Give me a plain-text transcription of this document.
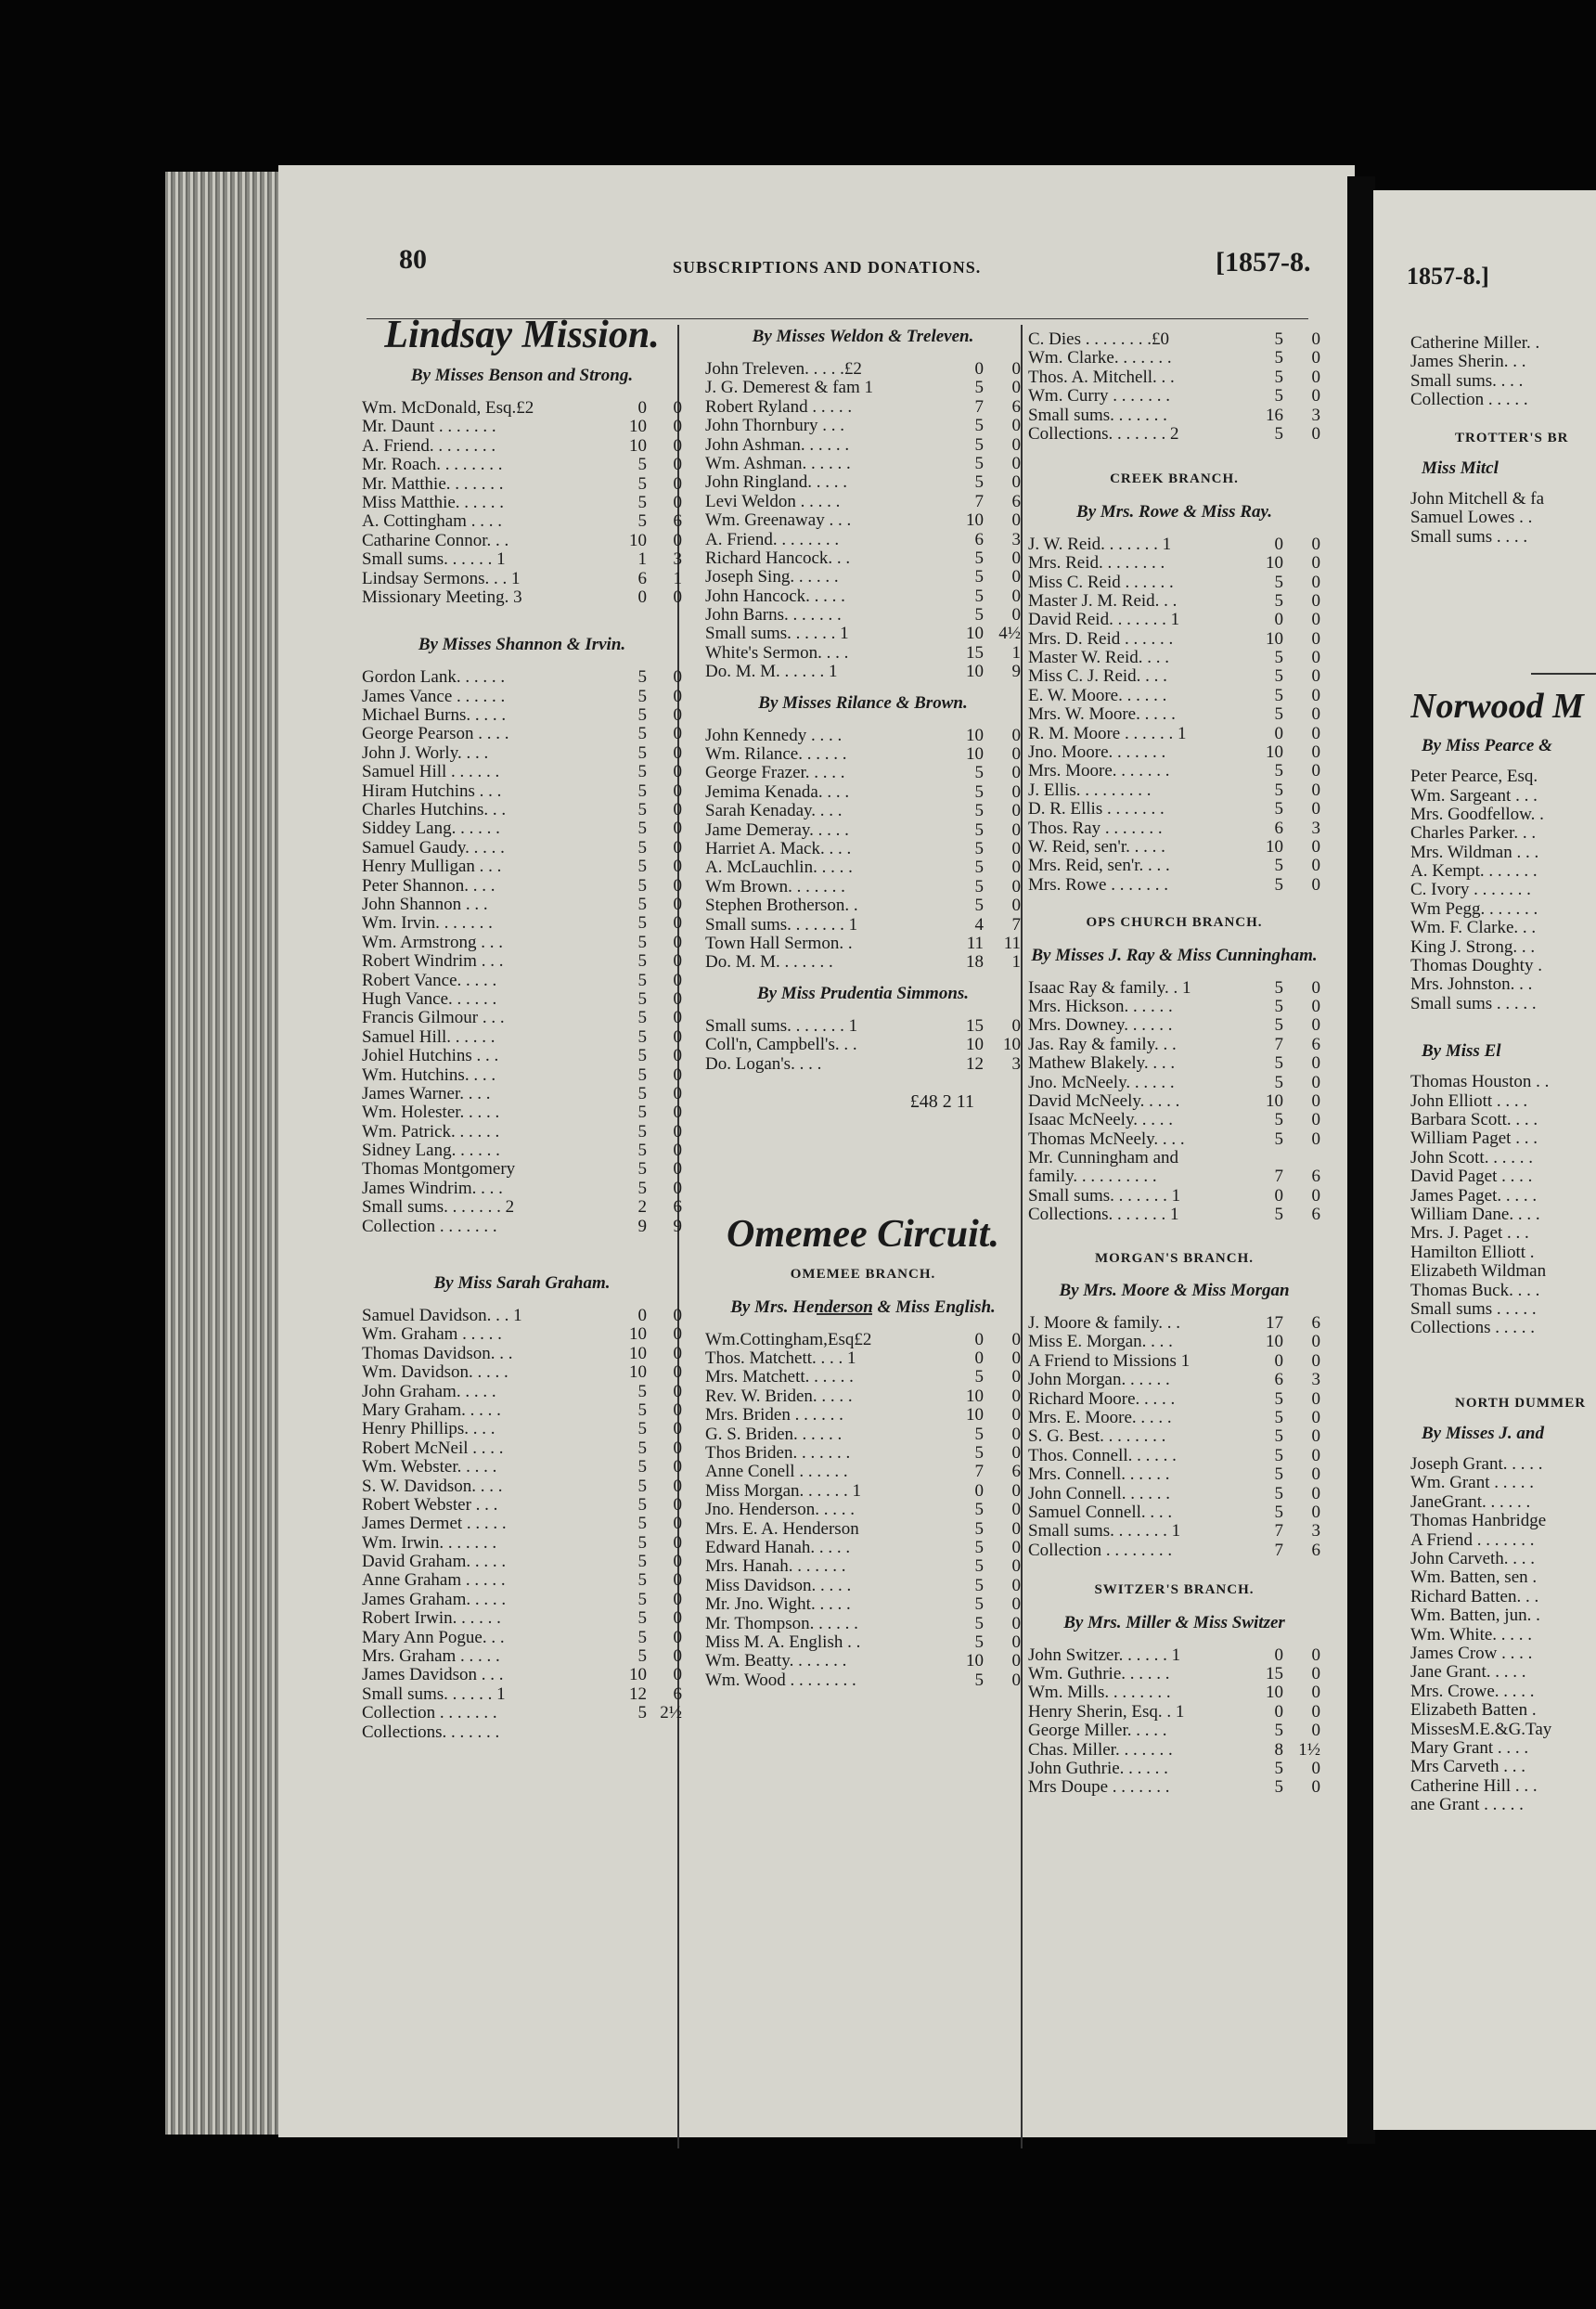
80	SUBSCRIPTIONS AND DONATIONS.	[1857-8.	1857-8.]
Lindsay Mission.
By Misses Benson and Strong.
Wm. McDonald, Esq.£2	0	0
Mr. Daunt . . . . . . .	10	0
A. Friend. . . . . . . .	10	0
Mr. Roach. . . . . . . .	5	0
Mr. Matthie. . . . . . .	5	0
Miss Matthie. . . . . .	5	0
A. Cottingham . . . .	5	6
Catharine Connor. . .	10	0
Small sums. . . . . . 1	1	3
Lindsay Sermons. . . 1	6	1
Missionary Meeting. 3	0	0
By Misses Shannon & Irvin.
Gordon Lank. . . . . .	5	0
James Vance . . . . . .	5	0
Michael Burns. . . . .	5	0
George Pearson . . . .	5	0
John J. Worly. . . .	5	0
Samuel Hill . . . . . .	5	0
Hiram Hutchins . . .	5	0
Charles Hutchins. . .	5	0
Siddey Lang. . . . . .	5	0
Samuel Gaudy. . . . .	5	0
Henry Mulligan . . .	5	0
Peter Shannon. . . .	5	0
John Shannon . . .	5	0
Wm. Irvin. . . . . . .	5	0
Wm. Armstrong . . .	5	0
Robert Windrim . . .	5	0
Robert Vance. . . . .	5	0
Hugh Vance. . . . . .	5	0
Francis Gilmour . . .	5	0
Samuel Hill. . . . . .	5	0
Johiel Hutchins . . .	5	0
Wm. Hutchins. . . .	5	0
James Warner. . . .	5	0
Wm. Holester. . . . .	5	0
Wm. Patrick. . . . . .	5	0
Sidney Lang. . . . . .	5	0
Thomas Montgomery	5	0
James Windrim. . . .	5	0
Small sums. . . . . . . 2	2	6
Collection . . . . . . .	9	9
By Miss Sarah Graham.
Samuel Davidson. . . 1	0	0
Wm. Graham . . . . .	10	0
Thomas Davidson. . .	10	0
Wm. Davidson. . . . .	10	0
John Graham. . . . .	5	0
Mary Graham. . . . .	5	0
Henry Phillips. . . .	5	0
Robert McNeil . . . .	5	0
Wm. Webster. . . . .	5	0
S. W. Davidson. . . .	5	0
Robert Webster . . .	5	0
James Dermet . . . . .	5	0
Wm. Irwin. . . . . . .	5	0
David Graham. . . . .	5	0
Anne Graham . . . . .	5	0
James Graham. . . . .	5	0
Robert Irwin. . . . . .	5	0
Mary Ann Pogue. . .	5	0
Mrs. Graham . . . . .	5	0
James Davidson . . .	10	0
Small sums. . . . . . 1	12	6
Collection . . . . . . .	5 2½
Collections. . . . . . .
By Misses Weldon & Treleven.
John Treleven. . . . .£2	0	0
J. G. Demerest & fam 1	5	0
Robert Ryland . . . . .	7	6
John Thornbury . . .	5	0
John Ashman. . . . . .	5	0
Wm. Ashman. . . . . .	5	0
John Ringland. . . . .	5	0
Levi Weldon . . . . .	7	6
Wm. Greenaway . . .	10	0
A. Friend. . . . . . . .	6	3
Richard Hancock. . .	5	0
Joseph Sing. . . . . .	5	0
John Hancock. . . . .	5	0
John Barns. . . . . . .	5	0
Small sums. . . . . . 1	10 4½
White's Sermon. . . .	15	1
Do. M. M. . . . . . 1	10	9
By Misses Rilance & Brown.
John Kennedy . . . .	10	0
Wm. Rilance. . . . . .	10	0
George Frazer. . . . .	5	0
Jemima Kenada. . . .	5	0
Sarah Kenaday. . . .	5	0
Jame Demeray. . . . .	5	0
Harriet A. Mack. . . .	5	0
A. McLauchlin. . . . .	5	0
Wm Brown. . . . . . .	5	0
Stephen Brotherson. .	5	0
Small sums. . . . . . . 1	4	7
Town Hall Sermon. .	11	11
Do. M. M. . . . . . .	18	1
By Miss Prudentia Simmons.
Small sums. . . . . . . 1	15	0
Coll'n, Campbell's. . .	10	10
Do. Logan's. . . .	12	3
£48 2 11
Omemee Circuit.
OMEMEE BRANCH.
By Mrs. Henderson & Miss English.
Wm.Cottingham,Esq£2	0	0
Thos. Matchett. . . . 1	0	0
Mrs. Matchett. . . . . .	5	0
Rev. W. Briden. . . . .	10	0
Mrs. Briden . . . . . .	10	0
G. S. Briden. . . . . .	5	0
Thos Briden. . . . . . .	5	0
Anne Conell . . . . . .	7	6
Miss Morgan. . . . . . 1	0	0
Jno. Henderson. . . . .	5	0
Mrs. E. A. Henderson	5	0
Edward Hanah. . . . .	5	0
Mrs. Hanah. . . . . . .	5	0
Miss Davidson. . . . .	5	0
Mr. Jno. Wight. . . . .	5	0
Mr. Thompson. . . . . .	5	0
Miss M. A. English . .	5	0
Wm. Beatty. . . . . . .	10	0
Wm. Wood . . . . . . . .	5	0
C. Dies . . . . . . . .£0	5	0
Wm. Clarke. . . . . . .	5	0
Thos. A. Mitchell. . .	5	0
Wm. Curry . . . . . . .	5	0
Small sums. . . . . . .	16	3
Collections. . . . . . . 2	5	0
CREEK BRANCH.
By Mrs. Rowe & Miss Ray.
J. W. Reid. . . . . . . 1	0	0
Mrs. Reid. . . . . . . .	10	0
Miss C. Reid . . . . . .	5	0
Master J. M. Reid. . .	5	0
David Reid. . . . . . . 1	0	0
Mrs. D. Reid . . . . . .	10	0
Master W. Reid. . . .	5	0
Miss C. J. Reid. . . .	5	0
E. W. Moore. . . . . .	5	0
Mrs. W. Moore. . . . .	5	0
R. M. Moore . . . . . . 1	0	0
Jno. Moore. . . . . . .	10	0
Mrs. Moore. . . . . . .	5	0
J. Ellis. . . . . . . . .	5	0
D. R. Ellis . . . . . . .	5	0
Thos. Ray . . . . . . .	6	3
W. Reid, sen'r. . . . .	10	0
Mrs. Reid, sen'r. . . .	5	0
Mrs. Rowe . . . . . . .	5	0
OPS CHURCH BRANCH.
By Misses J. Ray & Miss Cunningham.
Isaac Ray & family. . 1	5	0
Mrs. Hickson. . . . . .	5	0
Mrs. Downey. . . . . .	5	0
Jas. Ray & family. . .	7	6
Mathew Blakely. . . .	5	0
Jno. McNeely. . . . . .	5	0
David McNeely. . . . .	10	0
Isaac McNeely. . . . .	5	0
Thomas McNeely. . . .	5	0
Mr. Cunningham and
family. . . . . . . . . .	7	6
Small sums. . . . . . . 1	0	0
Collections. . . . . . . 1	5	6
MORGAN'S BRANCH.
By Mrs. Moore & Miss Morgan
J. Moore & family. . .	17	6
Miss E. Morgan. . . .	10	0
A Friend to Missions 1	0	0
John Morgan. . . . . .	6	3
Richard Moore. . . . .	5	0
Mrs. E. Moore. . . . .	5	0
S. G. Best. . . . . . . .	5	0
Thos. Connell. . . . . .	5	0
Mrs. Connell. . . . . .	5	0
John Connell. . . . . .	5	0
Samuel Connell. . . .	5	0
Small sums. . . . . . . 1	7	3
Collection . . . . . . . .	7	6
SWITZER'S BRANCH.
By Mrs. Miller & Miss Switzer
John Switzer. . . . . . 1	0	0
Wm. Guthrie. . . . . .	15	0
Wm. Mills. . . . . . . .	10	0
Henry Sherin, Esq. . 1	0	0
George Miller. . . . .	5	0
Chas. Miller. . . . . . .	8 1½
John Guthrie. . . . . .	5	0
Mrs Doupe . . . . . . .	5	0
Catherine Miller. .
James Sherin. . .
Small sums. . . .
Collection . . . . .
TROTTER'S BR
Miss Mitcl
John Mitchell & fa
Samuel Lowes . .
Small sums . . . .
Norwood M
By Miss Pearce &
Peter Pearce, Esq.
Wm. Sargeant . . .
Mrs. Goodfellow. .
Charles Parker. . .
Mrs. Wildman . . .
A. Kempt. . . . . . .
C. Ivory . . . . . . .
Wm Pegg. . . . . . .
Wm. F. Clarke. . .
King J. Strong. . .
Thomas Doughty .
Mrs. Johnston. . .
Small sums . . . . .
By Miss El
Thomas Houston . .
John Elliott . . . .
Barbara Scott. . . .
William Paget . . .
John Scott. . . . . .
David Paget . . . .
James Paget. . . . .
William Dane. . . .
Mrs. J. Paget . . .
Hamilton Elliott .
Elizabeth Wildman
Thomas Buck. . . .
Small sums . . . . .
Collections . . . . .
NORTH DUMMER
By Misses J. and
Joseph Grant. . . . .
Wm. Grant . . . . .
JaneGrant. . . . . .
Thomas Hanbridge
A Friend . . . . . . .
John Carveth. . . .
Wm. Batten, sen .
Richard Batten. . .
Wm. Batten, jun. .
Wm. White. . . . .
James Crow . . . .
Jane Grant. . . . .
Mrs. Crowe. . . . .
Elizabeth Batten .
MissesM.E.&G.Tay
Mary Grant . . . .
Mrs Carveth . . .
Catherine Hill . . .
ane Grant . . . . .
